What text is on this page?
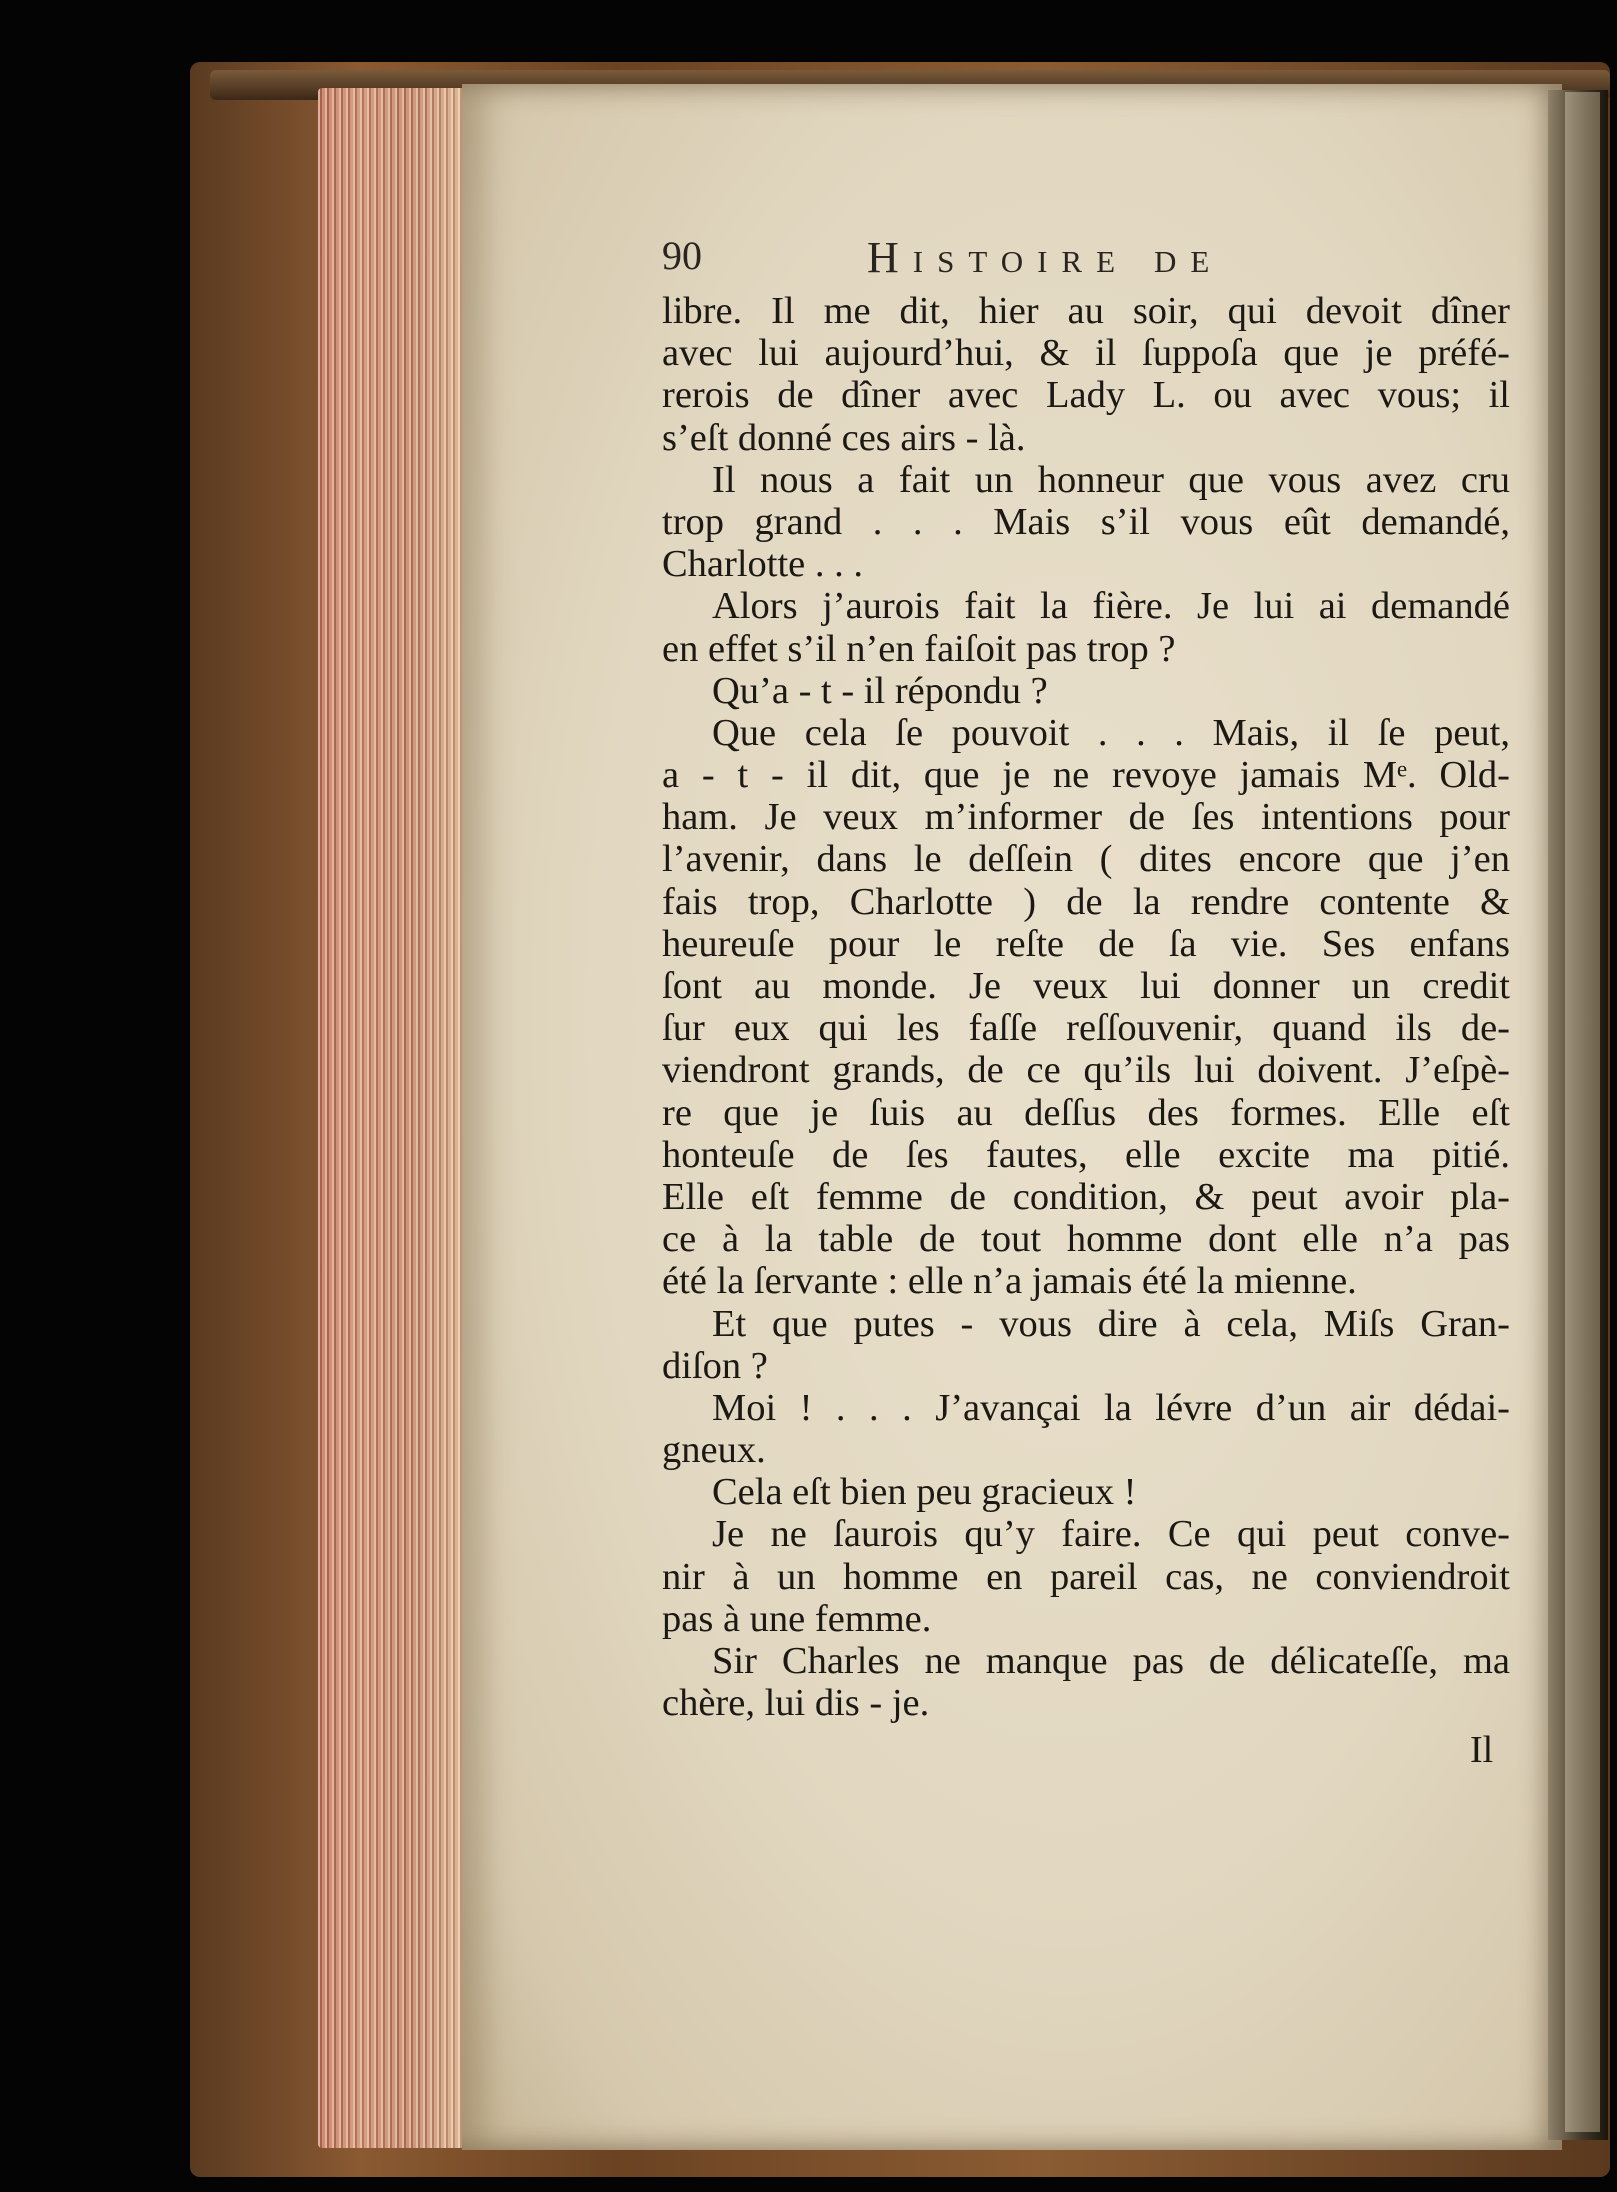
90	Histoire de
libre. Il me dit, hier au soir, qui devoit dîner
avec lui aujourd’hui, & il ſuppoſa que je préfé-
rerois de dîner avec Lady L. ou avec vous; il
s’eſt donné ces airs - là.
Il nous a fait un honneur que vous avez cru
trop grand . . . Mais s’il vous eût demandé,
Charlotte . . .
Alors j’aurois fait la fière. Je lui ai demandé
en effet s’il n’en faiſoit pas trop ?
Qu’a - t - il répondu ?
Que cela ſe pouvoit . . . Mais, il ſe peut,
a - t - il dit, que je ne revoye jamais Mᵉ. Old-
ham. Je veux m’informer de ſes intentions pour
l’avenir, dans le deſſein ( dites encore que j’en
fais trop, Charlotte ) de la rendre contente &
heureuſe pour le reſte de ſa vie. Ses enfans
ſont au monde. Je veux lui donner un credit
ſur eux qui les faſſe reſſouvenir, quand ils de-
viendront grands, de ce qu’ils lui doivent. J’eſpè-
re que je ſuis au deſſus des formes. Elle eſt
honteuſe de ſes fautes, elle excite ma pitié.
Elle eſt femme de condition, & peut avoir pla-
ce à la table de tout homme dont elle n’a pas
été la ſervante : elle n’a jamais été la mienne.
Et que putes - vous dire à cela, Miſs Gran-
diſon ?
Moi ! . . . J’avançai la lévre d’un air dédai-
gneux.
Cela eſt bien peu gracieux !
Je ne ſaurois qu’y faire. Ce qui peut conve-
nir à un homme en pareil cas, ne conviendroit
pas à une femme.
Sir Charles ne manque pas de délicateſſe, ma
chère, lui dis - je.
Il
